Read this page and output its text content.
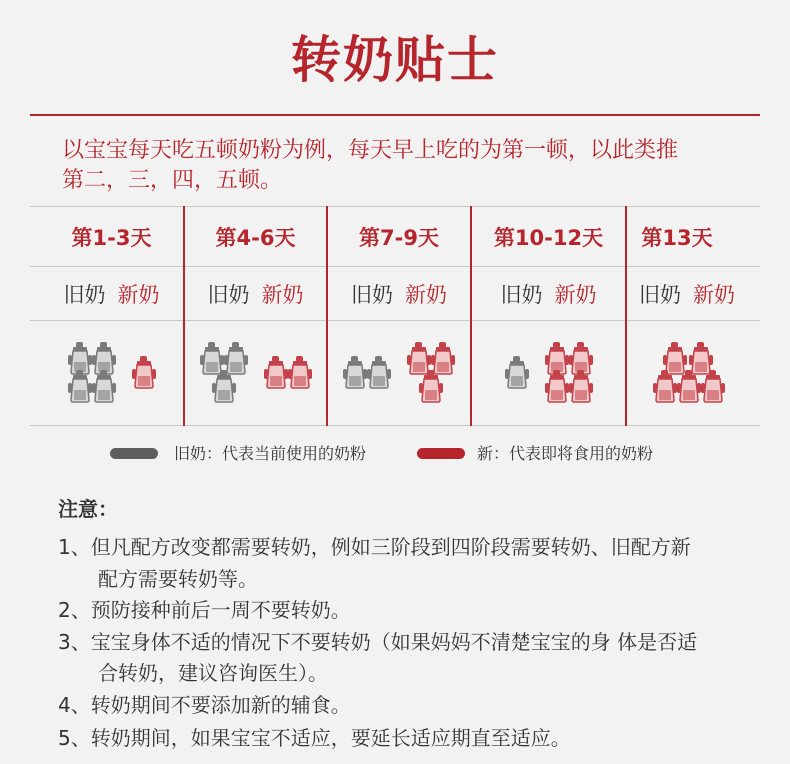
转奶贴士
以宝宝每天吃五顿奶粉为例，每天早上吃的为第一顿，以此类推
第二，三，四，五顿。
第1-3天	第4-6天	第7-9天	第10-12天	第13天
旧奶 新奶	旧奶 新奶	旧奶 新奶	旧奶 新奶	旧奶 新奶
旧奶：代表当前使用的奶粉	新：代表即将食用的奶粉
注意：
1、但凡配方改变都需要转奶，例如三阶段到四阶段需要转奶、旧配方新
配方需要转奶等。
2、预防接种前后一周不要转奶。
3、宝宝身体不适的情况下不要转奶（如果妈妈不清楚宝宝的身 体是否适
合转奶，建议咨询医生）。
4、转奶期间不要添加新的辅食。
5、转奶期间，如果宝宝不适应，要延长适应期直至适应。
